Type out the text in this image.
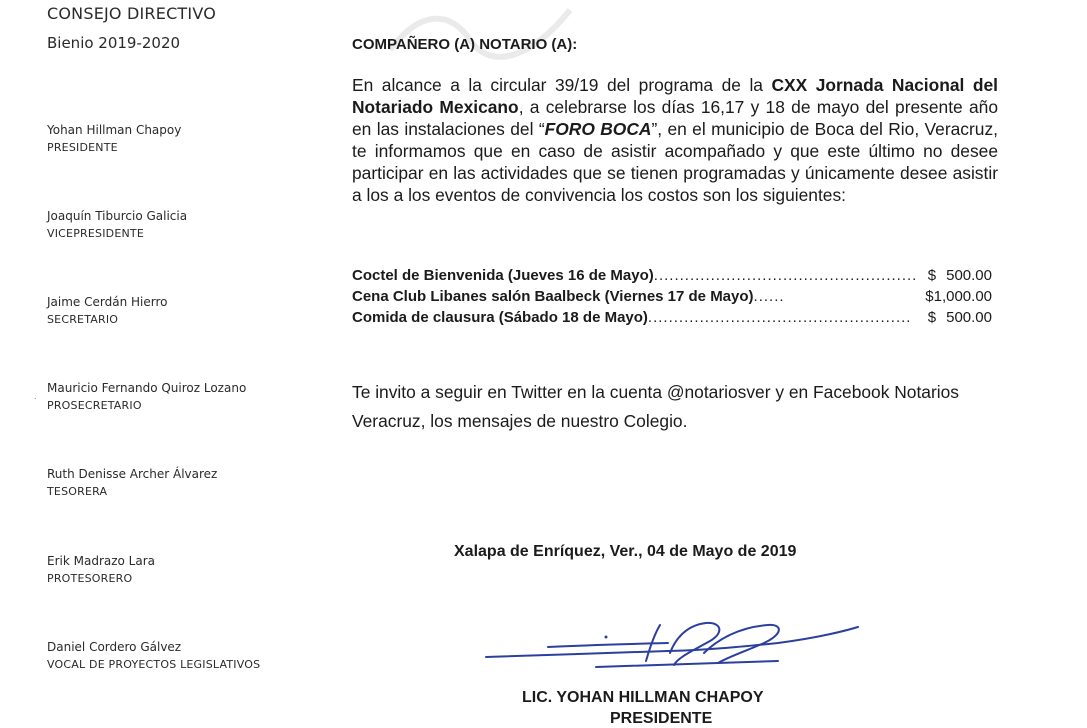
CONSEJO DIRECTIVO
Bienio 2019-2020
Yohan Hillman Chapoy
PRESIDENTE
Joaquín Tiburcio Galicia
VICEPRESIDENTE
Jaime Cerdán Hierro
SECRETARIO
.
Mauricio Fernando Quiroz Lozano
PROSECRETARIO
Ruth Denisse Archer Álvarez
TESORERA
Erik Madrazo Lara
PROTESORERO
Daniel Cordero Gálvez
VOCAL DE PROYECTOS LEGISLATIVOS
COMPAÑERO (A) NOTARIO (A):

En alcance a la circular 39/19 del programa de la CXX Jornada Nacional del Notariado Mexicano, a celebrarse los días 16,17 y 18 de mayo del presente año en las instalaciones del “FORO BOCA”, en el municipio de Boca del Rio, Veracruz, te informamos que en caso de asistir acompañado y que este último no desee participar en las actividades que se tienen programadas y únicamente desee asistir a los a los eventos de convivencia los costos son los siguientes:

Coctel de Bienvenida (Jueves 16 de Mayo) ................................................... $ 500.00
Cena Club Libanes salón Baalbeck (Viernes 17 de Mayo) ......	$ 1,000.00
Comida de clausura (Sábado 18 de Mayo) ...................................................	$ 500.00

Te invito a seguir en Twitter en la cuenta @notariosver y en Facebook Notarios Veracruz, los mensajes de nuestro Colegio.

Xalapa de Enríquez, Ver., 04 de Mayo de 2019
LIC. YOHAN HILLMAN CHAPOY
PRESIDENTE
